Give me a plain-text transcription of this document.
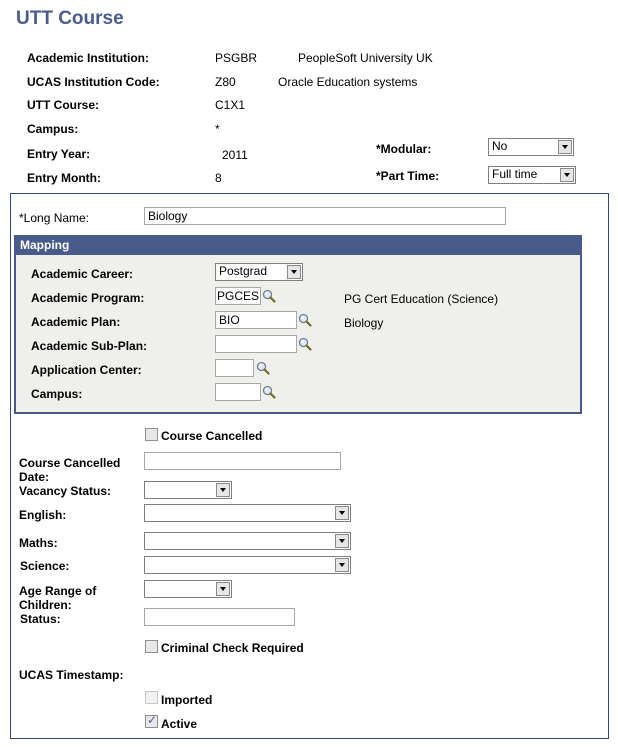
UTT Course
Academic Institution:	PSGBR	PeopleSoft University UK
UCAS Institution Code:	Z80	Oracle Education systems
UTT Course:	C1X1
Campus:	*
Entry Year:	2011
Entry Month:	8
*Modular:	No
*Part Time:	Full time
*Long Name:	Biology
Mapping
Academic Career:	Postgrad
Academic Program:	PGCES	PG Cert Education (Science)
Academic Plan:	BIO	Biology
Academic Sub-Plan:
Application Center:
Campus:
Course Cancelled
Course Cancelled
Date:
Vacancy Status:
English:
Maths:
Science:
Age Range of
Children:
Status:
Criminal Check Required
UCAS Timestamp:
Imported
✓
Active
